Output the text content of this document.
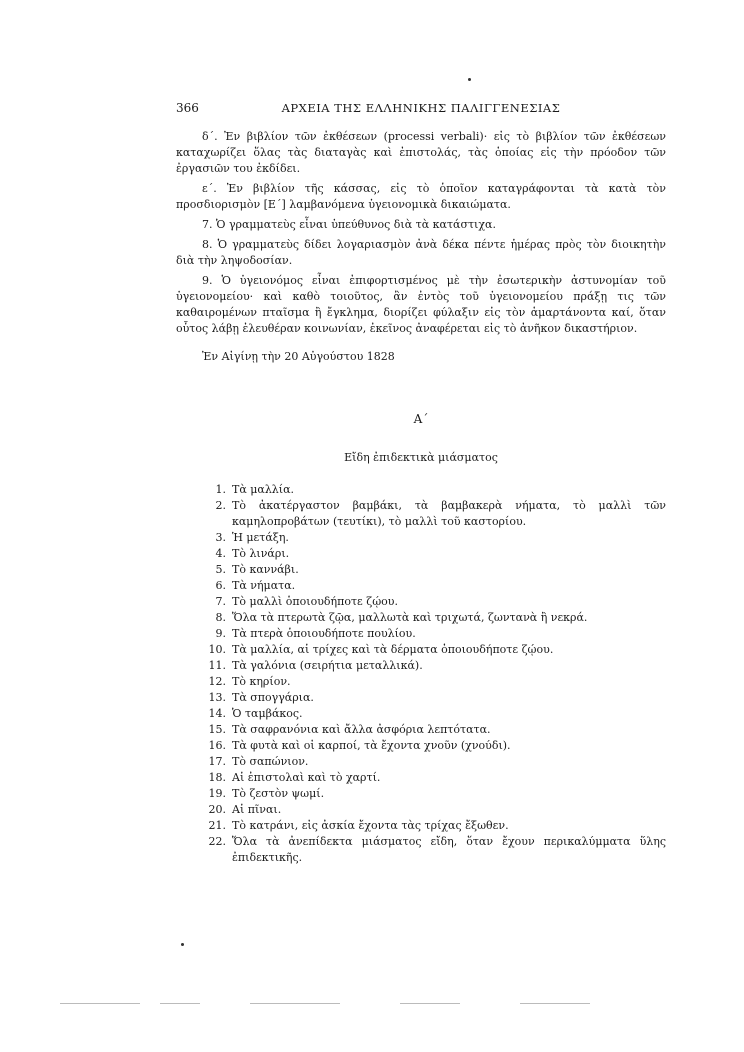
366	ΑΡΧΕΙΑ ΤΗΣ ΕΛΛΗΝΙΚΗΣ ΠΑΛΙΓΓΕΝΕΣΙΑΣ

δ΄. Ἐν βιβλίον τῶν ἐκθέσεων (processi verbali)· εἰς τὸ βιβλίον τῶν ἐκθέσεων καταχωρίζει ὅλας τὰς διαταγὰς καὶ ἐπιστολάς, τὰς ὁποίας εἰς τὴν πρόοδον τῶν ἐργασιῶν του ἐκδίδει.

ε΄. Ἐν βιβλίον τῆς κάσσας, εἰς τὸ ὁποῖον καταγράφονται τὰ κατὰ τὸν προσδιορισμὸν [Ε΄] λαμβανόμενα ὑγειονομικὰ δικαιώματα.

7. Ὁ γραμματεὺς εἶναι ὑπεύθυνος διὰ τὰ κατάστιχα.

8. Ὁ γραμματεὺς δίδει λογαριασμὸν ἀνὰ δέκα πέντε ἡμέρας πρὸς τὸν διοικητὴν διὰ τὴν ληψοδοσίαν.

9. Ὁ ὑγειονόμος εἶναι ἐπιφορτισμένος μὲ τὴν ἐσωτερικὴν ἀστυνομίαν τοῦ ὑγειονομείου· καὶ καθὸ τοιοῦτος, ἂν ἐντὸς τοῦ ὑγειονομείου πράξῃ τις τῶν καθαιρομένων πταῖσμα ἢ ἔγκλημα, διορίζει φύλαξιν εἰς τὸν ἁμαρτάνοντα καί, ὅταν οὗτος λάβῃ ἐλευθέραν κοινωνίαν, ἐκεῖνος ἀναφέρεται εἰς τὸ ἀνῆκον δικαστήριον.

Ἐν Αἰγίνῃ τὴν 20 Αὐγούστου 1828

Α΄
Εἴδη ἐπιδεκτικὰ μιάσματος
1. Τὰ μαλλία.
2. Τὸ ἀκατέργαστον βαμβάκι, τὰ βαμβακερὰ νήματα, τὸ μαλλὶ τῶν καμηλοπροβάτων (τευτίκι), τὸ μαλλὶ τοῦ καστορίου.
3. Ἡ μετάξη.
4. Τὸ λινάρι.
5. Τὸ καννάβι.
6. Τὰ νήματα.
7. Τὸ μαλλὶ ὁποιουδήποτε ζῴου.
8. Ὅλα τὰ πτερωτὰ ζῷα, μαλλωτὰ καὶ τριχωτά, ζωντανὰ ἢ νεκρά.
9. Τὰ πτερὰ ὁποιουδήποτε πουλίου.
10. Τὰ μαλλία, αἱ τρίχες καὶ τὰ δέρματα ὁποιουδήποτε ζῴου.
11. Τὰ γαλόνια (σειρήτια μεταλλικά).
12. Τὸ κηρίον.
13. Τὰ σπογγάρια.
14. Ὁ ταμβάκος.
15. Τὰ σαφρανόνια καὶ ἄλλα ἀσφόρια λεπτότατα.
16. Τὰ φυτὰ καὶ οἱ καρποί, τὰ ἔχοντα χνοῦν (χνούδι).
17. Τὸ σαπώνιον.
18. Αἱ ἐπιστολαὶ καὶ τὸ χαρτί.
19. Τὸ ζεστὸν ψωμί.
20. Αἱ πῖναι.
21. Τὸ κατράνι, εἰς ἀσκία ἔχοντα τὰς τρίχας ἔξωθεν.
22. Ὅλα τὰ ἀνεπίδεκτα μιάσματος εἴδη, ὅταν ἔχουν περικαλύμματα ὕλης ἐπιδεκτικῆς.
